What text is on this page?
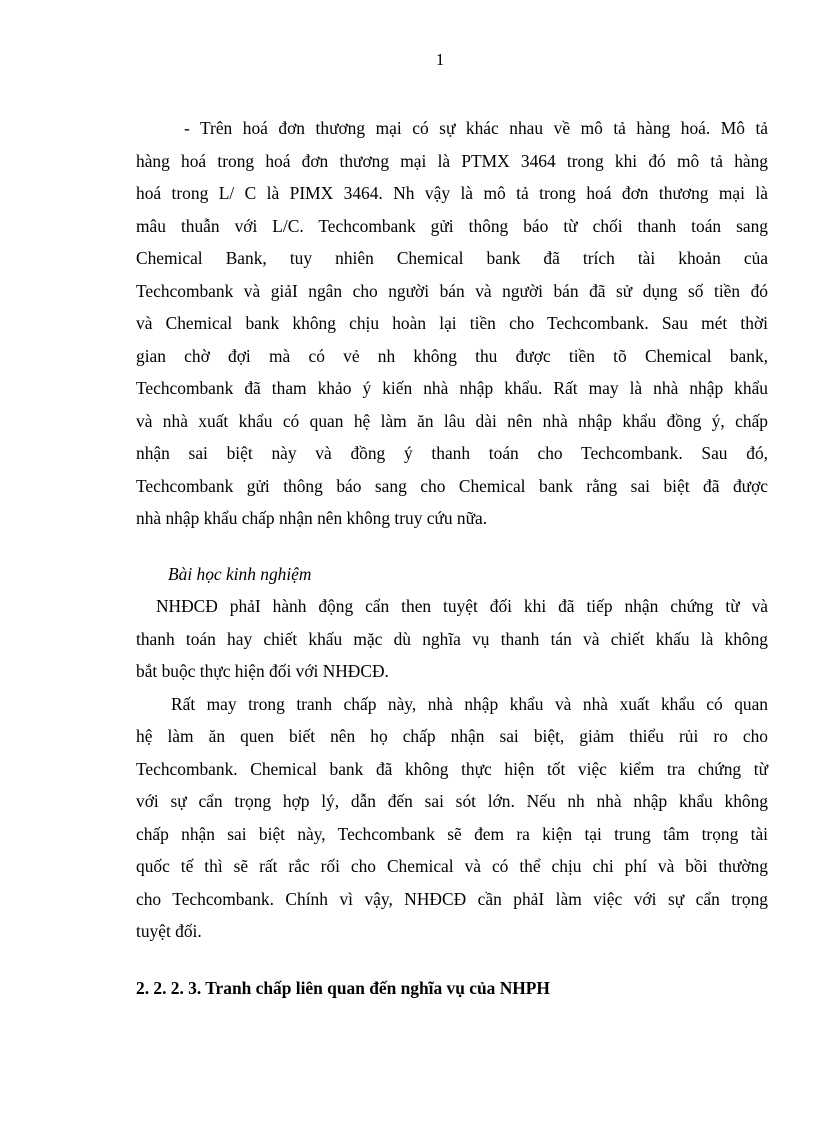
1
- Trên hoá đơn thương mại có sự khác nhau về mô tả hàng hoá. Mô tả
hàng hoá trong hoá đơn thương mại là PTMX 3464 trong khi đó mô tả hàng
hoá trong L/ C là PIMX 3464. Nh vậy là mô tả trong hoá đơn thương mại là
mâu thuẫn với L/C. Techcombank gửi thông báo từ chối thanh toán sang
Chemical Bank, tuy nhiên Chemical bank đã trích tài khoản của
Techcombank và giảI ngân cho người bán và người bán đã sử dụng số tiền đó
và Chemical bank không chịu hoàn lại tiền cho Techcombank. Sau mét thời
gian chờ đợi mà có vẻ nh không thu được tiền tõ Chemical bank,
Techcombank đã tham khảo ý kiến nhà nhập khẩu. Rất may là nhà nhập khẩu
và nhà xuất khẩu có quan hệ làm ăn lâu dài nên nhà nhập khẩu đồng ý, chấp
nhận sai biệt này và đồng ý thanh toán cho Techcombank. Sau đó,
Techcombank gửi thông báo sang cho Chemical bank rằng sai biệt đã được
nhà nhập khẩu chấp nhận nên không truy cứu nữa.

Bài học kinh nghiệm

NHĐCĐ phảI hành động cẩn then tuyệt đối khi đã tiếp nhận chứng từ và
thanh toán hay chiết khấu mặc dù nghĩa vụ thanh tán và chiết khấu là không
bắt buộc thực hiện đối với NHĐCĐ.
Rất may trong tranh chấp này, nhà nhập khẩu và nhà xuất khẩu có quan
hệ làm ăn quen biết nên họ chấp nhận sai biệt, giảm thiểu rủi ro cho
Techcombank. Chemical bank đã không thực hiện tốt việc kiểm tra chứng từ
với sự cẩn trọng hợp lý, dẫn đến sai sót lớn. Nếu nh nhà nhập khẩu không
chấp nhận sai biệt này, Techcombank sẽ đem ra kiện tại trung tâm trọng tài
quốc tế thì sẽ rất rắc rối cho Chemical và có thể chịu chi phí và bồi thường
cho Techcombank. Chính vì vậy, NHĐCĐ cần phảI làm việc với sự cẩn trọng
tuyệt đối.

2. 2. 2. 3. Tranh chấp liên quan đến nghĩa vụ của NHPH
